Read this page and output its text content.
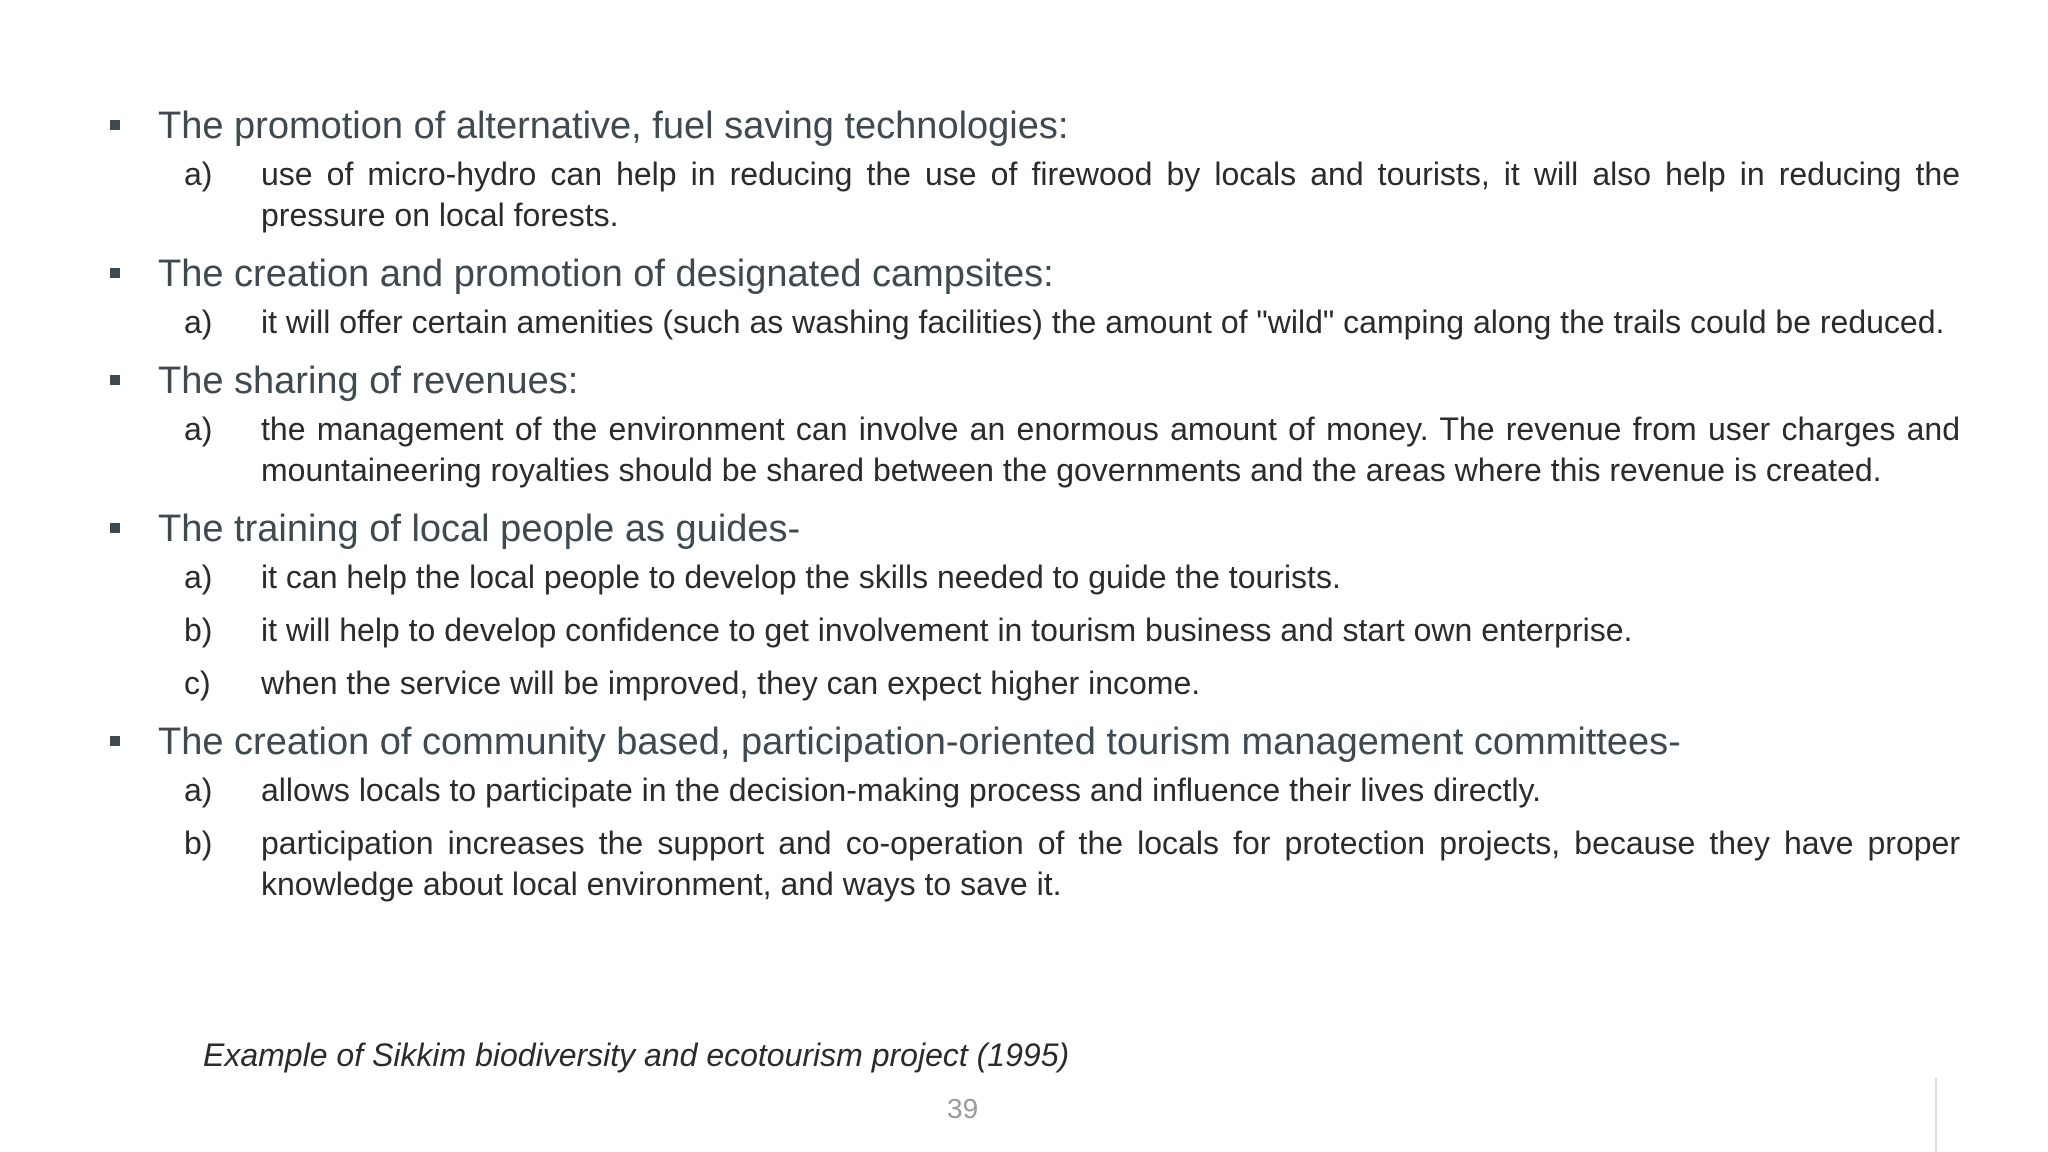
The promotion of alternative, fuel saving technologies:
a)	use of micro-hydro can help in reducing the use of firewood by locals and tourists, it will also help in reducing the pressure on local forests.
The creation and promotion of designated campsites:
a)	it will offer certain amenities (such as washing facilities) the amount of "wild" camping along the trails could be reduced.
The sharing of revenues:
a)	the management of the environment can involve an enormous amount of money. The revenue from user charges and mountaineering royalties should be shared between the governments and the areas where this revenue is created.
The training of local people as guides-
a)	it can help the local people to develop the skills needed to guide the tourists.
b)	it will help to develop confidence to get involvement in tourism business and start own enterprise.
c)	when the service will be improved, they can expect higher income.
The creation of community based, participation-oriented tourism management committees-
a)	allows locals to participate in the decision-making process and influence their lives directly.
b)	participation increases the support and co-operation of the locals for protection projects, because they have proper knowledge about local environment, and ways to save it.
Example of Sikkim biodiversity and ecotourism project (1995)
39
